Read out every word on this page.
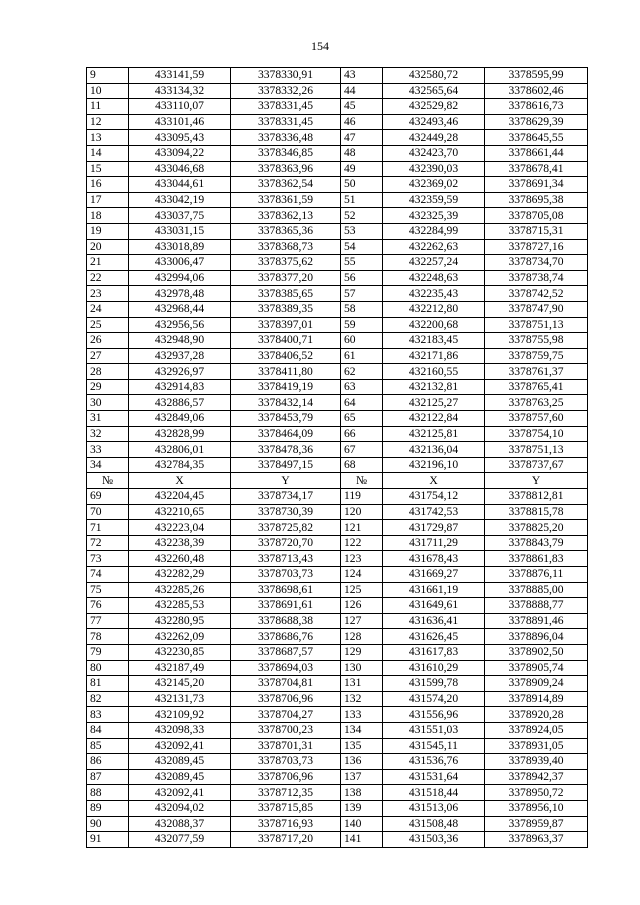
154
9	433141,59	3378330,91	43	432580,72	3378595,99
10	433134,32	3378332,26	44	432565,64	3378602,46
11	433110,07	3378331,45	45	432529,82	3378616,73
12	433101,46	3378331,45	46	432493,46	3378629,39
13	433095,43	3378336,48	47	432449,28	3378645,55
14	433094,22	3378346,85	48	432423,70	3378661,44
15	433046,68	3378363,96	49	432390,03	3378678,41
16	433044,61	3378362,54	50	432369,02	3378691,34
17	433042,19	3378361,59	51	432359,59	3378695,38
18	433037,75	3378362,13	52	432325,39	3378705,08
19	433031,15	3378365,36	53	432284,99	3378715,31
20	433018,89	3378368,73	54	432262,63	3378727,16
21	433006,47	3378375,62	55	432257,24	3378734,70
22	432994,06	3378377,20	56	432248,63	3378738,74
23	432978,48	3378385,65	57	432235,43	3378742,52
24	432968,44	3378389,35	58	432212,80	3378747,90
25	432956,56	3378397,01	59	432200,68	3378751,13
26	432948,90	3378400,71	60	432183,45	3378755,98
27	432937,28	3378406,52	61	432171,86	3378759,75
28	432926,97	3378411,80	62	432160,55	3378761,37
29	432914,83	3378419,19	63	432132,81	3378765,41
30	432886,57	3378432,14	64	432125,27	3378763,25
31	432849,06	3378453,79	65	432122,84	3378757,60
32	432828,99	3378464,09	66	432125,81	3378754,10
33	432806,01	3378478,36	67	432136,04	3378751,13
34	432784,35	3378497,15	68	432196,10	3378737,67
№	X	Y	№	X	Y
69	432204,45	3378734,17	119	431754,12	3378812,81
70	432210,65	3378730,39	120	431742,53	3378815,78
71	432223,04	3378725,82	121	431729,87	3378825,20
72	432238,39	3378720,70	122	431711,29	3378843,79
73	432260,48	3378713,43	123	431678,43	3378861,83
74	432282,29	3378703,73	124	431669,27	3378876,11
75	432285,26	3378698,61	125	431661,19	3378885,00
76	432285,53	3378691,61	126	431649,61	3378888,77
77	432280,95	3378688,38	127	431636,41	3378891,46
78	432262,09	3378686,76	128	431626,45	3378896,04
79	432230,85	3378687,57	129	431617,83	3378902,50
80	432187,49	3378694,03	130	431610,29	3378905,74
81	432145,20	3378704,81	131	431599,78	3378909,24
82	432131,73	3378706,96	132	431574,20	3378914,89
83	432109,92	3378704,27	133	431556,96	3378920,28
84	432098,33	3378700,23	134	431551,03	3378924,05
85	432092,41	3378701,31	135	431545,11	3378931,05
86	432089,45	3378703,73	136	431536,76	3378939,40
87	432089,45	3378706,96	137	431531,64	3378942,37
88	432092,41	3378712,35	138	431518,44	3378950,72
89	432094,02	3378715,85	139	431513,06	3378956,10
90	432088,37	3378716,93	140	431508,48	3378959,87
91	432077,59	3378717,20	141	431503,36	3378963,37
